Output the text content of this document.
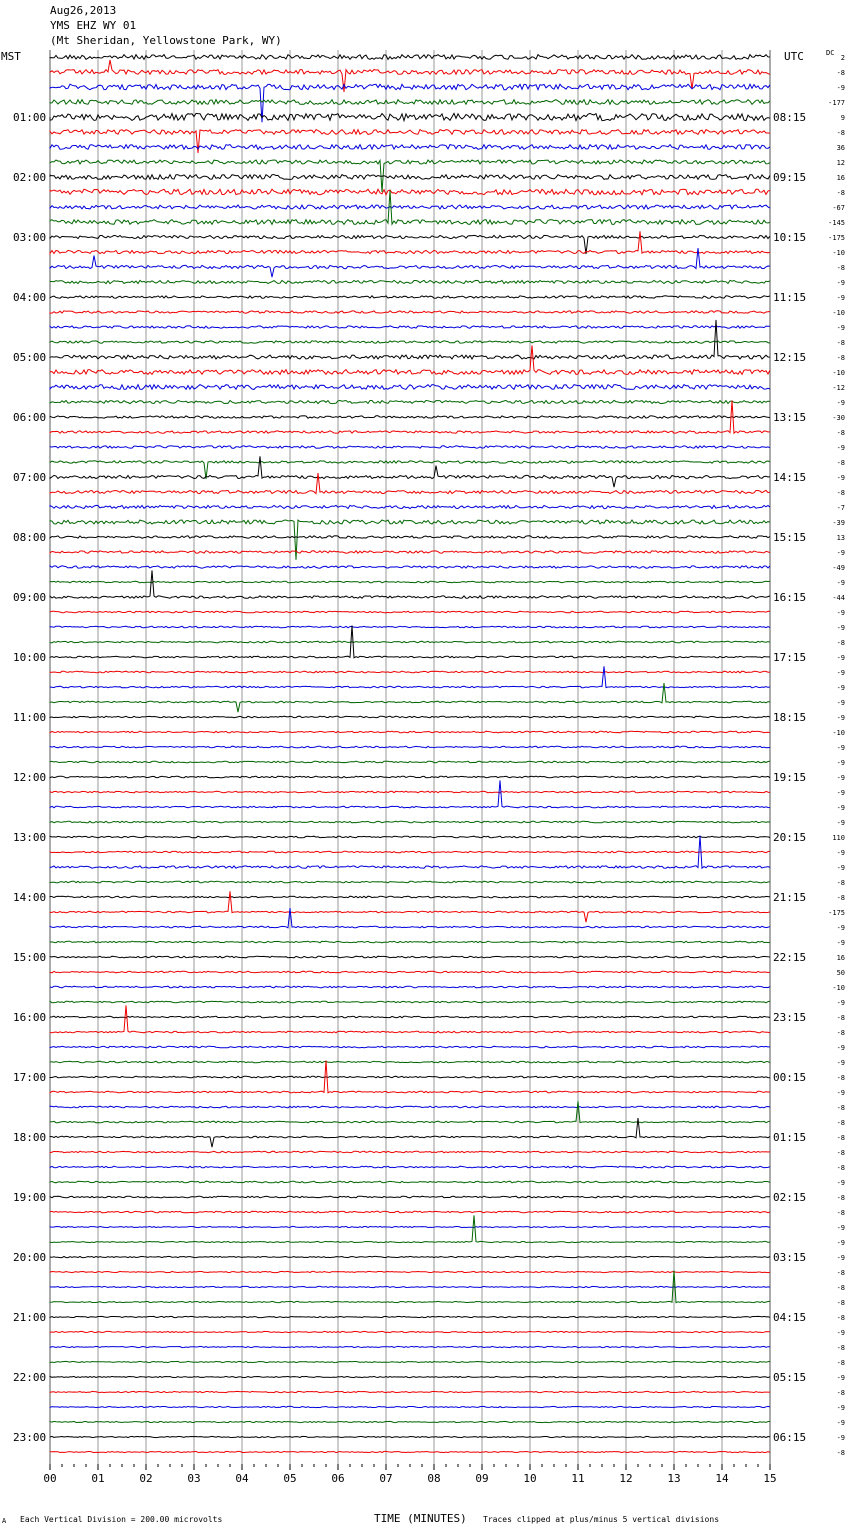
Aug26,2013
YMS EHZ WY 01
(Mt Sheridan, Yellowstone Park, WY)
MST	UTC	DC
01:00
02:00
03:00
04:00
05:00
06:00
07:00
08:00
09:00
10:00
11:00
12:00
13:00
14:00
15:00
16:00
17:00
18:00
19:00
20:00
21:00
22:00
23:00
08:15
09:15
10:15
11:15
12:15
13:15
14:15
15:15
16:15
17:15
18:15
19:15
20:15
21:15
22:15
23:15
00:15
01:15
02:15
03:15
04:15
05:15
06:15
2
-8
-9
-177
9
-8
36
12
16
-8
-67
-145
-175
-10
-8
-9
-9
-10
-9
-8
-8
-10
-12
-9
-30
-8
-9
-8
-9
-8
-7
-39
13
-9
-49
-9
-44
-9
-9
-8
-9
-9
-9
-9
-9
-10
-9
-9
-9
-9
-9
-9
110
-9
-9
-8
-8
-175
-9
-9
16
50
-10
-9
-8
-8
-9
-9
-8
-9
-8
-8
-8
-8
-8
-9
-8
-8
-9
-9
-9
-8
-8
-8
-8
-9
-8
-8
-9
-8
-9
-9
-9
-8
00	01	02	03	04	05	06	07	08	09	10	11	12	13	14	15
A Each Vertical Division = 200.00 microvolts	TIME (MINUTES) Traces clipped at plus/minus 5 vertical divisions
